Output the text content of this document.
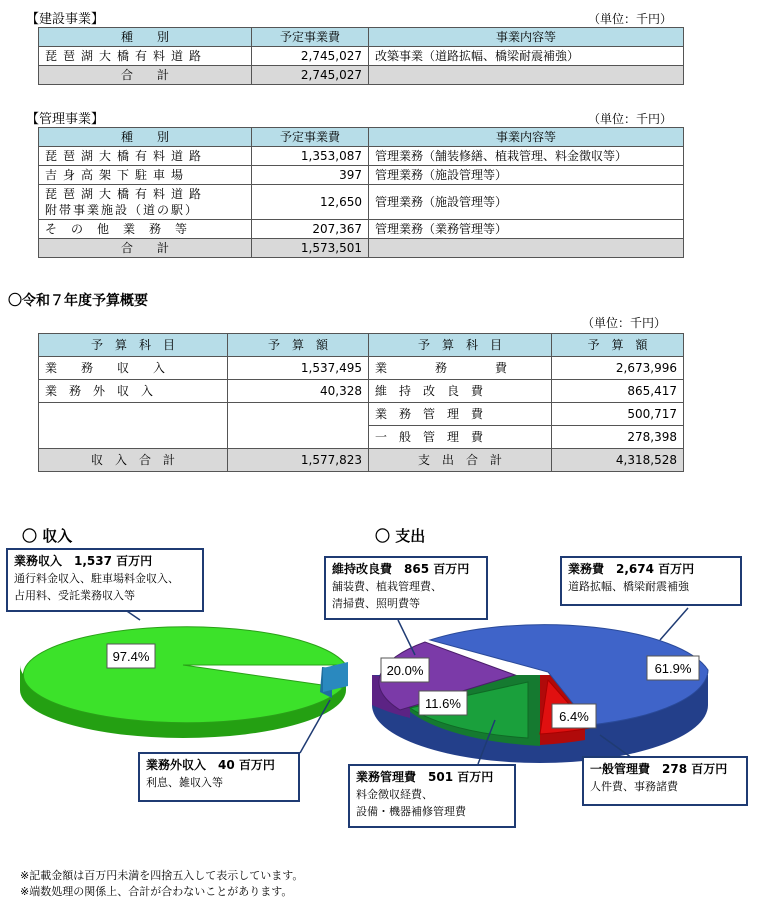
【建設事業】	（単位：千円）
種　　別	予定事業費	事業内容等
琵琶湖大橋有料道路	2,745,027	改築事業（道路拡幅、橋梁耐震補強）
合　　計	2,745,027	
【管理事業】	（単位：千円）
種　　別	予定事業費	事業内容等
琵琶湖大橋有料道路	1,353,087	管理業務（舗装修繕、植栽管理、料金徴収等）
吉身高架下駐車場	397	管理業務（施設管理等）

琵琶湖大橋有料道路
附帯事業施設（道の駅）	12,650	管理業務（施設管理等）
その他業務等	207,367	管理業務（業務管理等）
合　　計	1,573,501	
〇令和７年度予算概要
（単位：千円）
予　算　科　目	予　算　額	予　算　科　目	予　算　額
業　　務　　収　　入	1,537,495	業　　　　務　　　　費	2,673,996
業　務　外　収　入	40,328	維　持　改　良　費	865,417
		業　務　管　理　費	500,717
		一　般　管　理　費	278,398
収　入　合　計	1,577,823	支　出　合　計	4,318,528
〇 収入	〇 支出
97.4%
20.0%
11.6%
6.4%
61.9%
業務収入　1,537 百万円
通行料金収入、駐車場料金収入、
占用料、受託業務収入等
業務外収入　40 百万円
利息、雑収入等
維持改良費　865 百万円
舗装費、植栽管理費、
清掃費、照明費等
業務費　2,674 百万円
道路拡幅、橋梁耐震補強
一般管理費　278 百万円
人件費、事務諸費
業務管理費　501 百万円
料金徴収経費、
設備・機器補修管理費
※記載金額は百万円未満を四捨五入して表示しています。
※端数処理の関係上、合計が合わないことがあります。
